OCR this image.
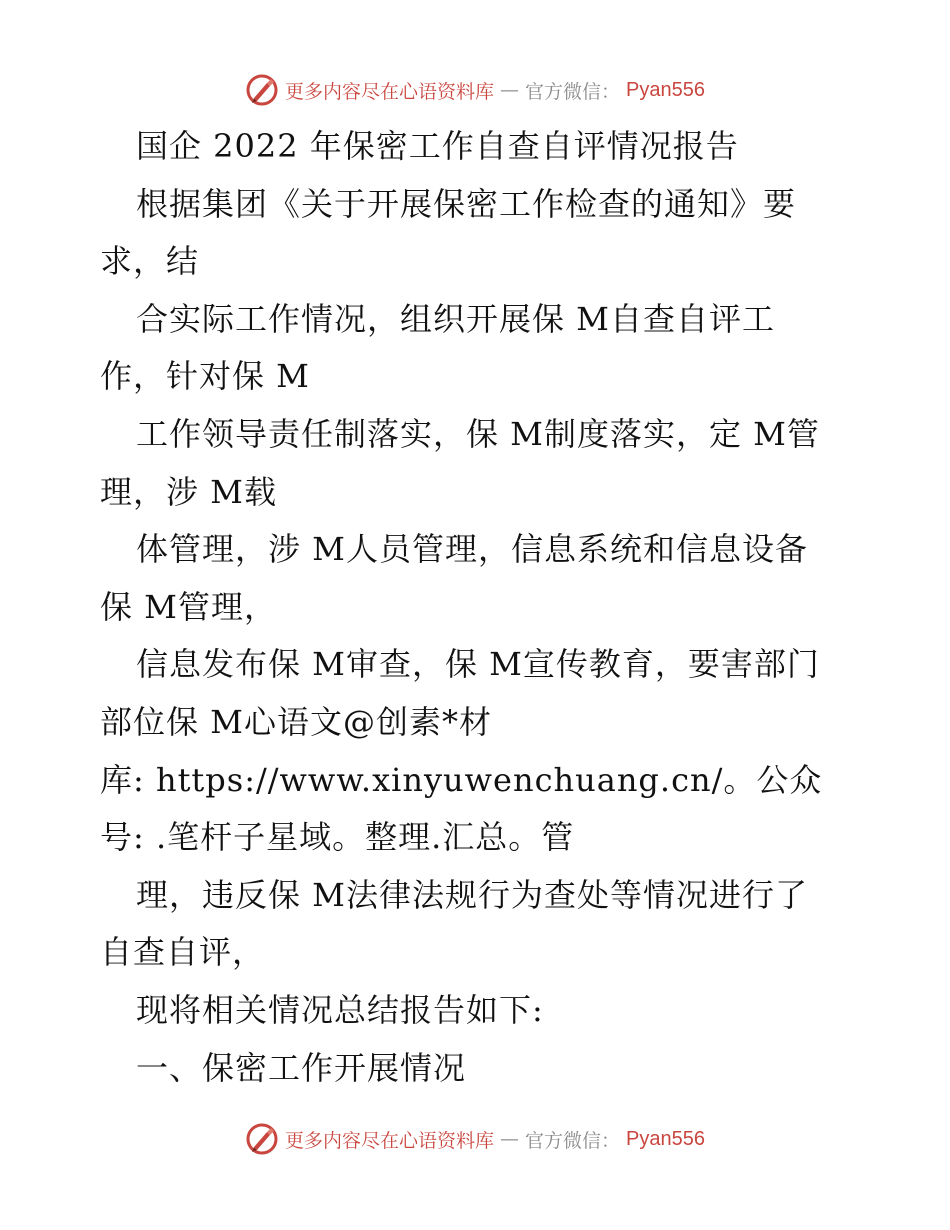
更多内容尽在心语资料库 — 官方微信： Pyan556
国企 2022 年保密工作自查自评情况报告
根据集团《关于开展保密工作检查的通知》要
求，结
合实际工作情况，组织开展保 M自查自评工
作，针对保 M
工作领导责任制落实，保 M制度落实，定 M管
理，涉 M载
体管理，涉 M人员管理，信息系统和信息设备
保 M管理，
信息发布保 M审查，保 M宣传教育，要害部门
部位保 M心语文@创素*材
库: https://www.xinyuwenchuang.cn/。公众
号: .笔杆子星域。整理.汇总。管
理，违反保 M法律法规行为查处等情况进行了
自查自评，
现将相关情况总结报告如下:
一、保密工作开展情况
更多内容尽在心语资料库 — 官方微信： Pyan556
